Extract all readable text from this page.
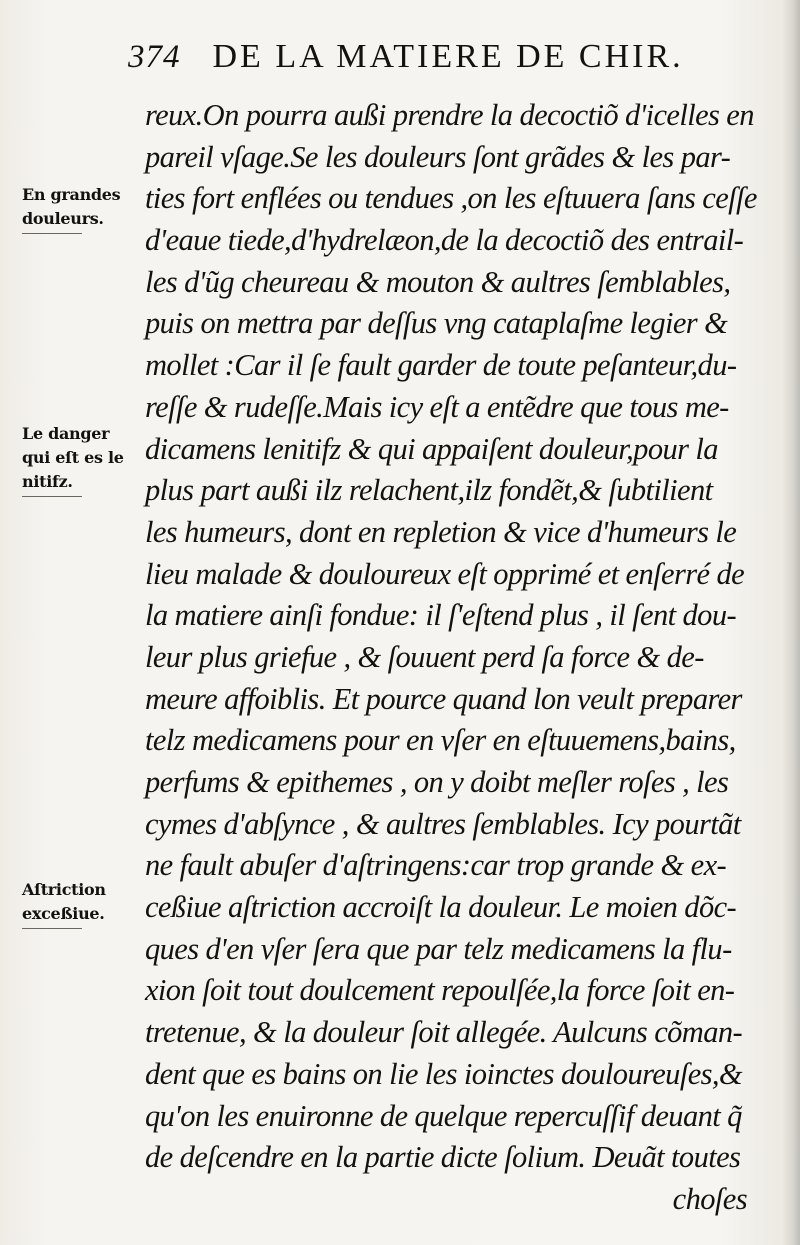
374 DE LA MATIERE DE CHIR.
En grandes
douleurs.
Le danger
qui eſt es le
nitifz.
Aſtriction
exceßiue.
reux.On pourra außi prendre la decoctiõ d'icelles en
pareil vſage.Se les douleurs ſont grãdes & les par-
ties fort enflées ou tendues ,on les eſtuuera ſans ceſſe
d'eaue tiede,d'hydrelæon,de la decoctiõ des entrail-
les d'ũg cheureau & mouton & aultres ſemblables,
puis on mettra par deſſus vng cataplaſme legier &
mollet :Car il ſe fault garder de toute peſanteur,du-
reſſe & rudeſſe.Mais icy eſt a entẽdre que tous me-
dicamens lenitifz & qui appaiſent douleur,pour la
plus part außi ilz relachent,ilz fondẽt,& ſubtilient
les humeurs, dont en repletion & vice d'humeurs le
lieu malade & douloureux eſt opprimé et enſerré de
la matiere ainſi fondue: il ſ'eſtend plus , il ſent dou-
leur plus griefue , & ſouuent perd ſa force & de-
meure affoiblis. Et pource quand lon veult preparer
telz medicamens pour en vſer en eſtuuemens,bains,
perfums & epithemes , on y doibt meſler roſes , les
cymes d'abſynce , & aultres ſemblables. Icy pourtãt
ne fault abuſer d'aſtringens:car trop grande & ex-
ceßiue aſtriction accroiſt la douleur. Le moien dõc-
ques d'en vſer ſera que par telz medicamens la flu-
xion ſoit tout doulcement repoulſée,la force ſoit en-
tretenue, & la douleur ſoit allegée. Aulcuns cõman-
dent que es bains on lie les ioinctes douloureuſes,&
qu'on les enuironne de quelque repercuſſif deuant q̃
de deſcendre en la partie dicte ſolium. Deuãt toutes
choſes
